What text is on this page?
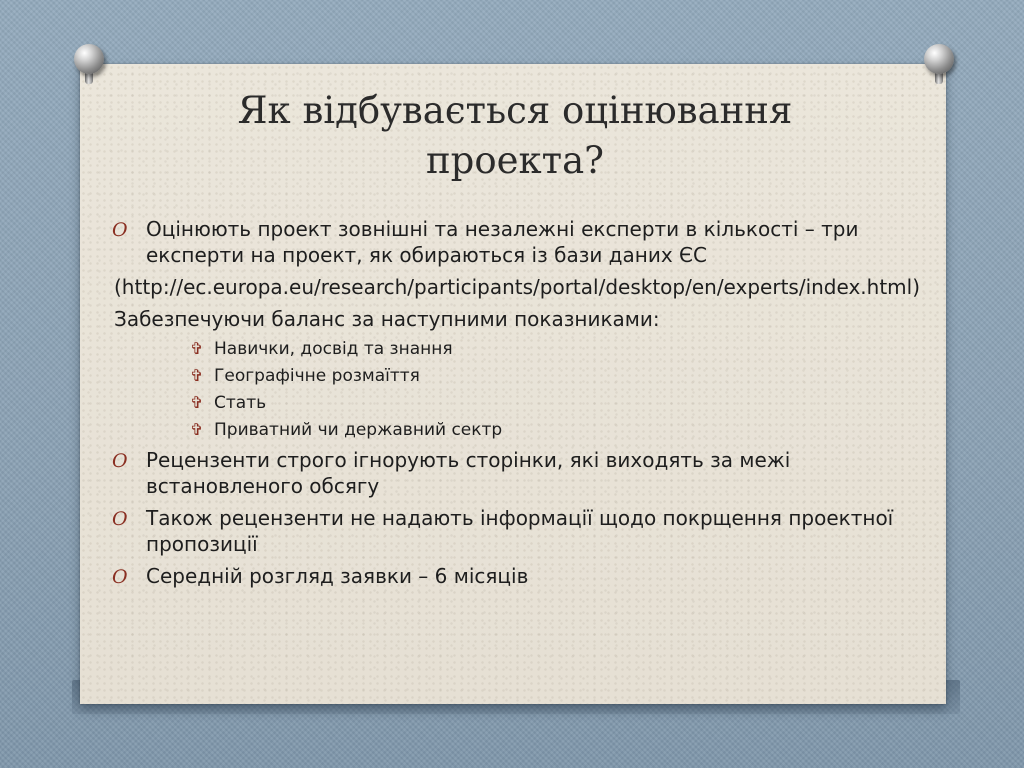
Як відбувається оцінювання
проекта?
O Оцінюють проект зовнішні та незалежні експерти в кількості – три експерти на проект, як обираються із бази даних ЄС
(http://ec.europa.eu/research/participants/portal/desktop/en/experts/index.html)
Забезпечуючи баланс за наступними показниками:
✞ Навички, досвід та знання
✞ Географічне розмаїття
✞ Стать
✞ Приватний чи державний сектр
O Рецензенти строго ігнорують сторінки, які виходять за межі встановленого обсягу
O Також рецензенти не надають інформації щодо покрщення проектної пропозиції
O Середній розгляд заявки – 6 місяців
